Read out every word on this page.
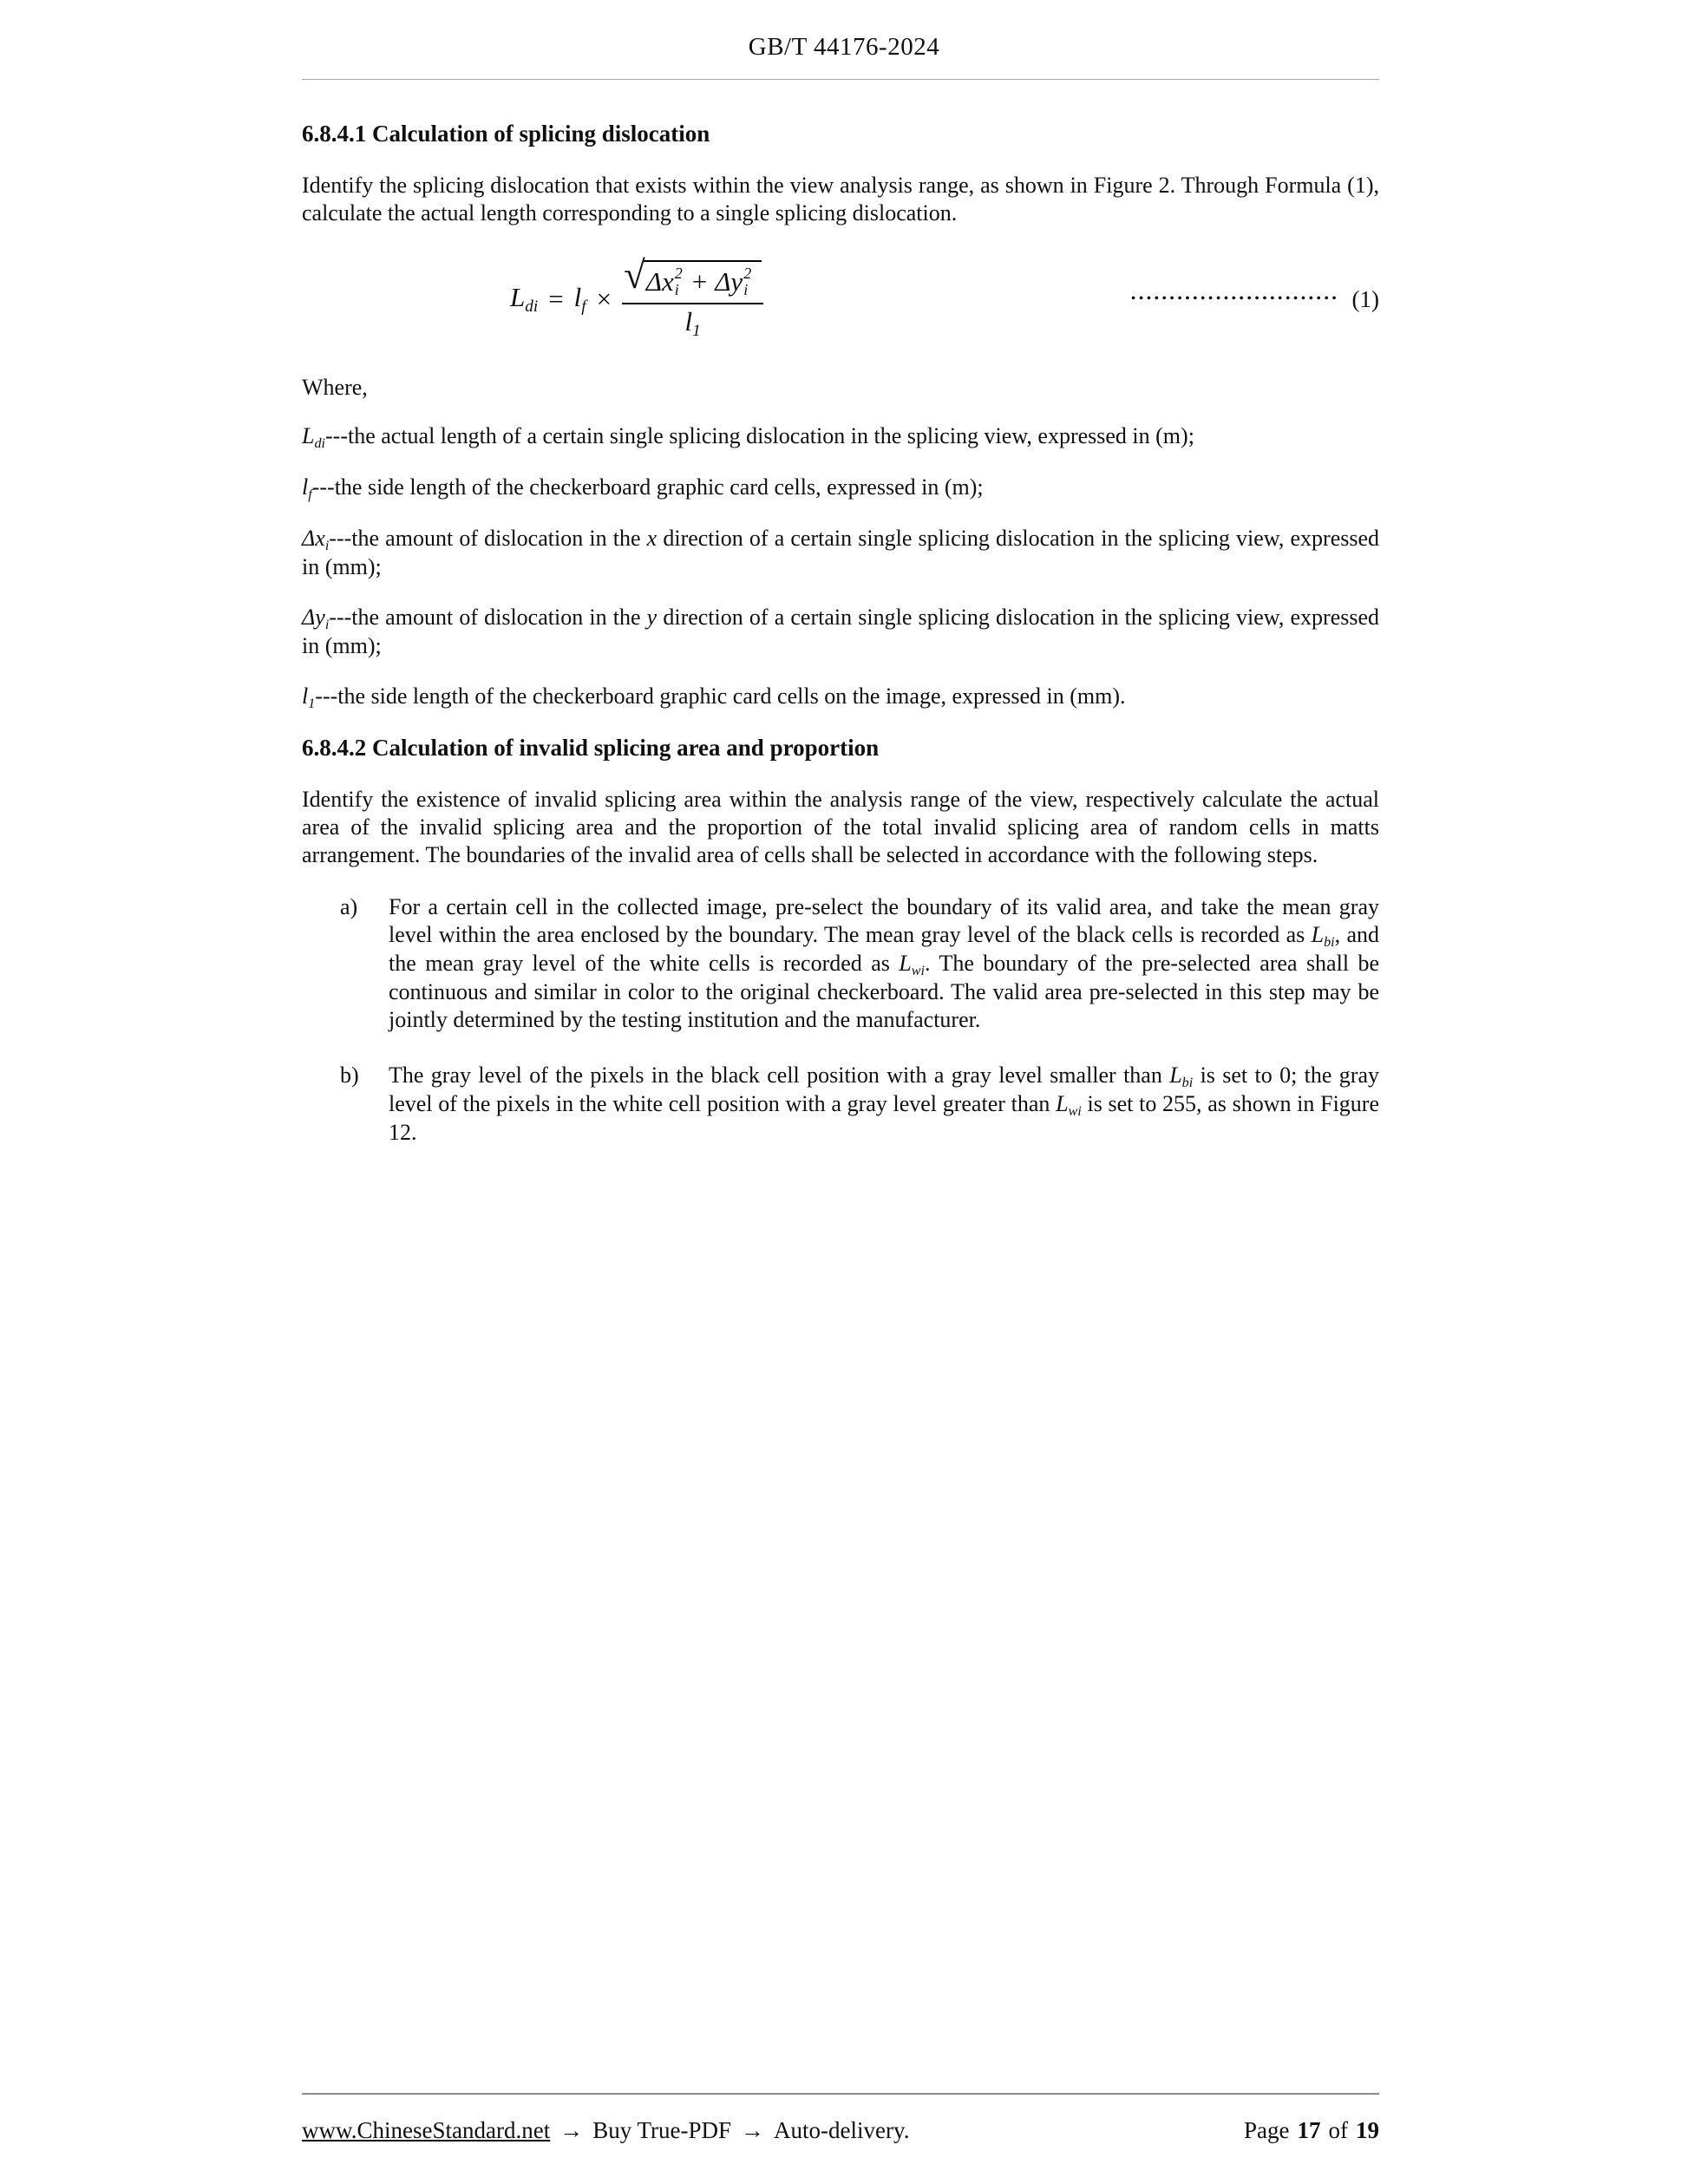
GB/T 44176-2024
6.8.4.1 Calculation of splicing dislocation

Identify the splicing dislocation that exists within the view analysis range, as shown in Figure 2. Through Formula (1), calculate the actual length corresponding to a single splicing dislocation.

$L_{di} = l_f$ × √ Δx 2
i + Δy 2
i
$l_1$	••••••••••••••••••••••••••• (1)

Where,

$L_{di}--$-the actual length of a certain single splicing dislocation in the splicing view, expressed in (m);

$l_f--$-the side length of the checkerboard graphic card cells, expressed in (m);

$\Delta x_i--$-the amount of dislocation in the x direction of a certain single splicing dislocation in the splicing view, expressed in (mm);

$\Delta y_i--$-the amount of dislocation in the y direction of a certain single splicing dislocation in the splicing view, expressed in (mm);

$l_1--$-the side length of the checkerboard graphic card cells on the image, expressed in (mm).

6.8.4.2 Calculation of invalid splicing area and proportion

Identify the existence of invalid splicing area within the analysis range of the view, respectively calculate the actual area of the invalid splicing area and the proportion of the total invalid splicing area of random cells in matts arrangement. The boundaries of the invalid area of cells shall be selected in accordance with the following steps.

a) For a certain cell in the collected image, pre-select the boundary of its valid area, and take the mean gray level within the area enclosed by the boundary. The mean gray level of the black cells is recorded as $L_{bi}$, and the mean gray level of the white cells is recorded as $L_{wi}$. The boundary of the pre-selected area shall be continuous and similar in color to the original checkerboard. The valid area pre-selected in this step may be jointly determined by the testing institution and the manufacturer.
b) The gray level of the pixels in the black cell position with a gray level smaller than $L_{bi}$ is set to 0; the gray level of the pixels in the white cell position with a gray level greater than $L_{wi}$ is set to 255, as shown in Figure 12.
www.ChineseStandard.net → Buy True-PDF → Auto-delivery.	Page 17 of 19
